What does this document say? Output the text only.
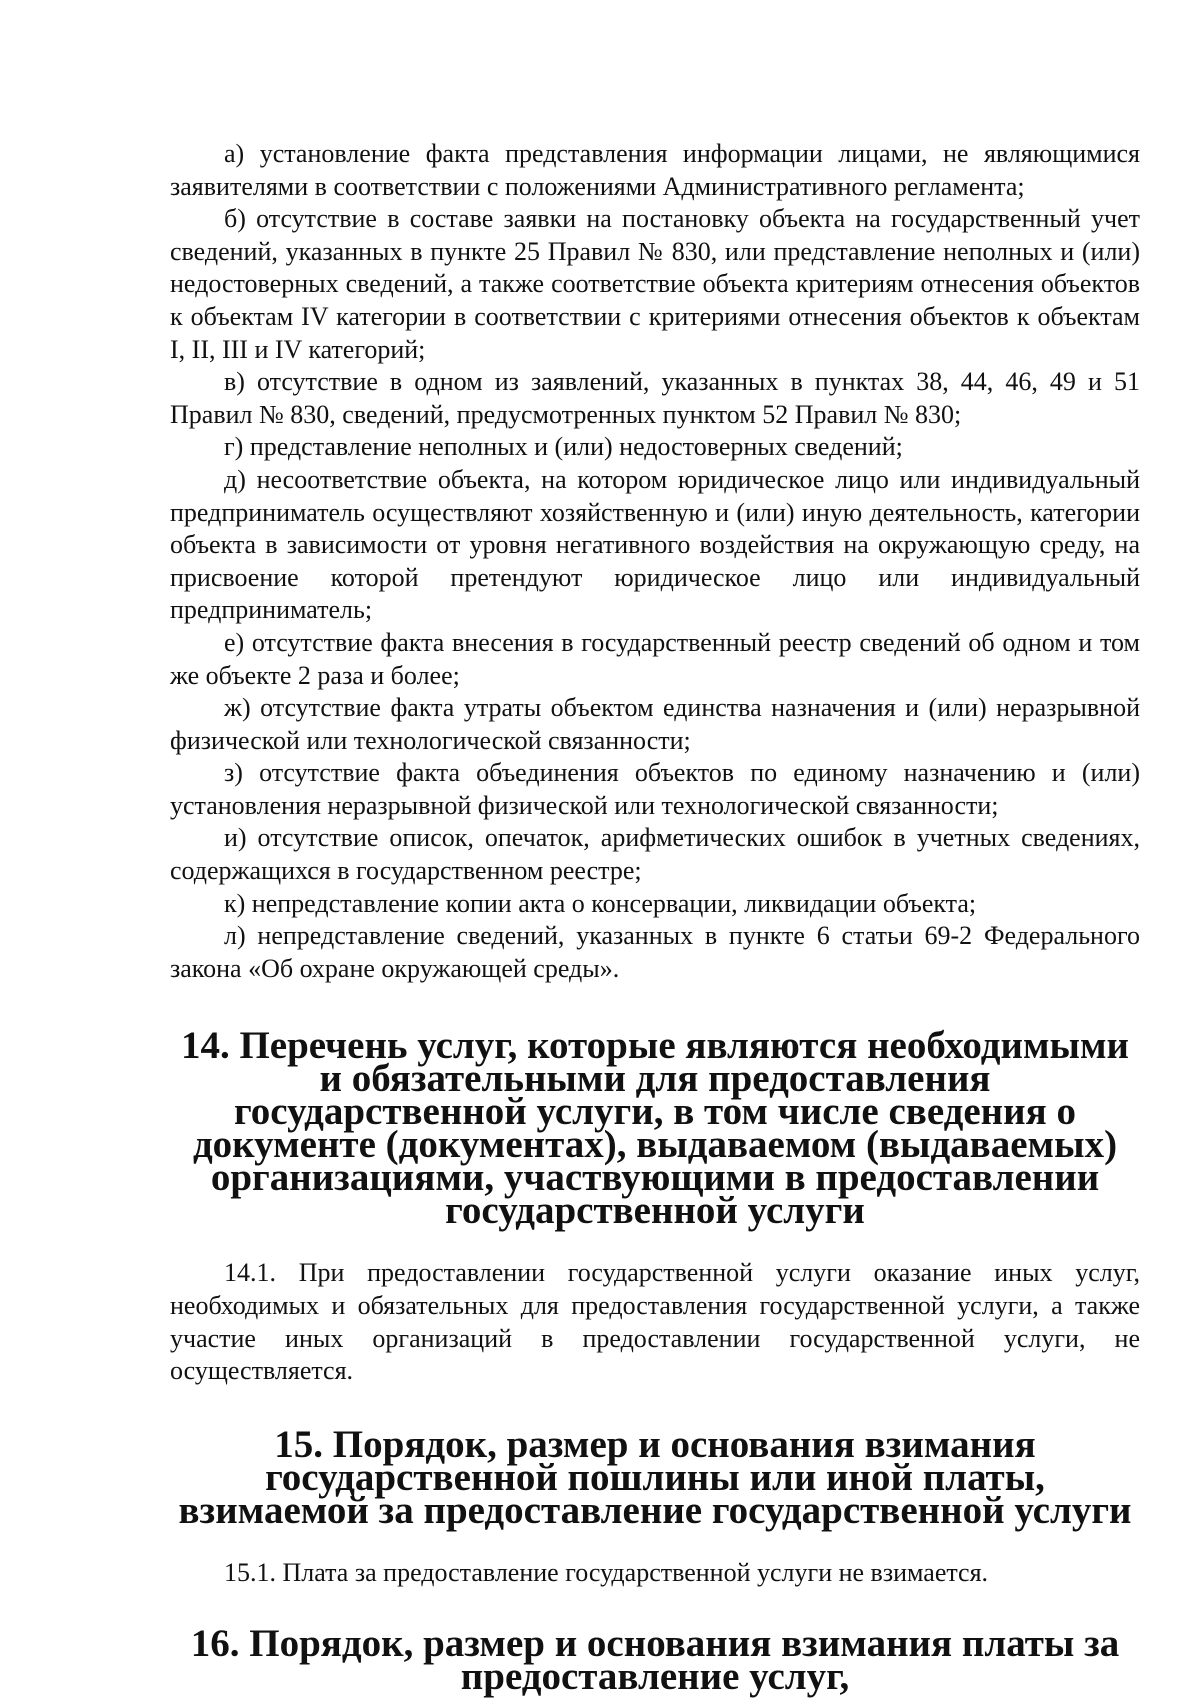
а) установление факта представления информации лицами, не являющимися заявителями в соответствии с положениями Административного регламента;

б) отсутствие в составе заявки на постановку объекта на государственный учет сведений, указанных в пункте 25 Правил № 830, или представление неполных и (или) недостоверных сведений, а также соответствие объекта критериям отнесения объектов к объектам IV категории в соответствии с критериями отнесения объектов к объектам I, II, III и IV категорий;

в) отсутствие в одном из заявлений, указанных в пунктах 38, 44, 46, 49 и 51 Правил № 830, сведений, предусмотренных пунктом 52 Правил № 830;

г) представление неполных и (или) недостоверных сведений;

д) несоответствие объекта, на котором юридическое лицо или индивидуальный предприниматель осуществляют хозяйственную и (или) иную деятельность, категории объекта в зависимости от уровня негативного воздействия на окружающую среду, на присвоение которой претендуют юридическое лицо или индивидуальный предприниматель;

е) отсутствие факта внесения в государственный реестр сведений об одном и том же объекте 2 раза и более;

ж) отсутствие факта утраты объектом единства назначения и (или) неразрывной физической или технологической связанности;

з) отсутствие факта объединения объектов по единому назначению и (или) установления неразрывной физической или технологической связанности;

и) отсутствие описок, опечаток, арифметических ошибок в учетных сведениях, содержащихся в государственном реестре;

к) непредставление копии акта о консервации, ликвидации объекта;

л) непредставление сведений, указанных в пункте 6 статьи 69-2 Федерального закона «Об охране окружающей среды».

14. Перечень услуг, которые являются необходимыми и обязательными для предоставления государственной услуги, в том числе сведения о документе (документах), выдаваемом (выдаваемых) организациями, участвующими в предоставлении государственной услуги

14.1. При предоставлении государственной услуги оказание иных услуг, необходимых и обязательных для предоставления государственной услуги, а также участие иных организаций в предоставлении государственной услуги, не осуществляется.

15. Порядок, размер и основания взимания государственной пошлины или иной платы, взимаемой за предоставление государственной услуги

15.1. Плата за предоставление государственной услуги не взимается.

16. Порядок, размер и основания взимания платы за предоставление услуг,
